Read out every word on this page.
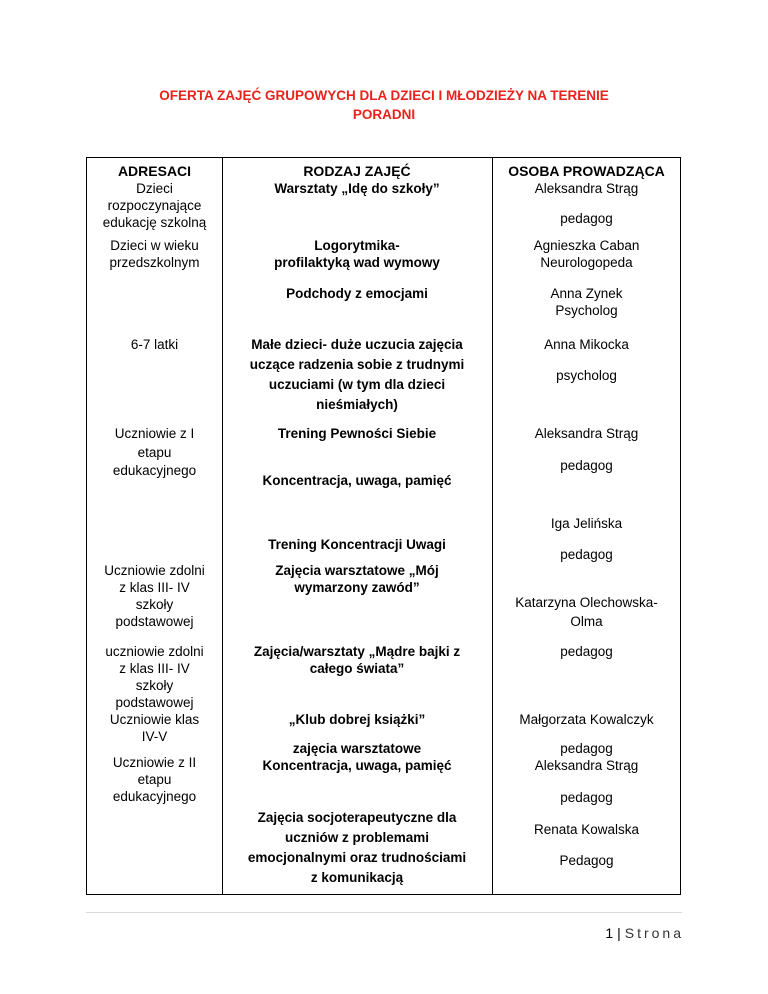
OFERTA ZAJĘĆ GRUPOWYCH DLA DZIECI I MŁODZIEŻY NA TERENIE
PORADNI
ADRESACI	RODZAJ ZAJĘĆ	OSOBA PROWADZĄCA
Dzieci
rozpoczynające
edukację szkolną
Dzieci w wieku
przedszkolnym
6-7 latki
Uczniowie z I
etapu
edukacyjnego
Uczniowie zdolni
z klas III- IV
szkoły
podstawowej
uczniowie zdolni
z klas III- IV
szkoły
podstawowej
Uczniowie klas
IV-V
Uczniowie z II
etapu
edukacyjnego
Warsztaty „Idę do szkoły”
Logorytmika-
profilaktyką wad wymowy
Podchody z emocjami
Małe dzieci- duże uczucia zajęcia
uczące radzenia sobie z trudnymi
uczuciami (w tym dla dzieci
nieśmiałych)
Trening Pewności Siebie
Koncentracja, uwaga, pamięć
Trening Koncentracji Uwagi
Zajęcia warsztatowe „Mój
wymarzony zawód”
Zajęcia/warsztaty „Mądre bajki z
całego świata”
„Klub dobrej książki”
zajęcia warsztatowe
Koncentracja, uwaga, pamięć
Zajęcia socjoterapeutyczne dla
uczniów z problemami
emocjonalnymi oraz trudnościami
z komunikacją
Aleksandra Strąg
pedagog
Agnieszka Caban
Neurologopeda
Anna Zynek
Psycholog
Anna Mikocka
psycholog
Aleksandra Strąg
pedagog
Iga Jelińska
pedagog
Katarzyna Olechowska-
Olma
pedagog
Małgorzata Kowalczyk
pedagog
Aleksandra Strąg
pedagog
Renata Kowalska
Pedagog
1 | Strona
